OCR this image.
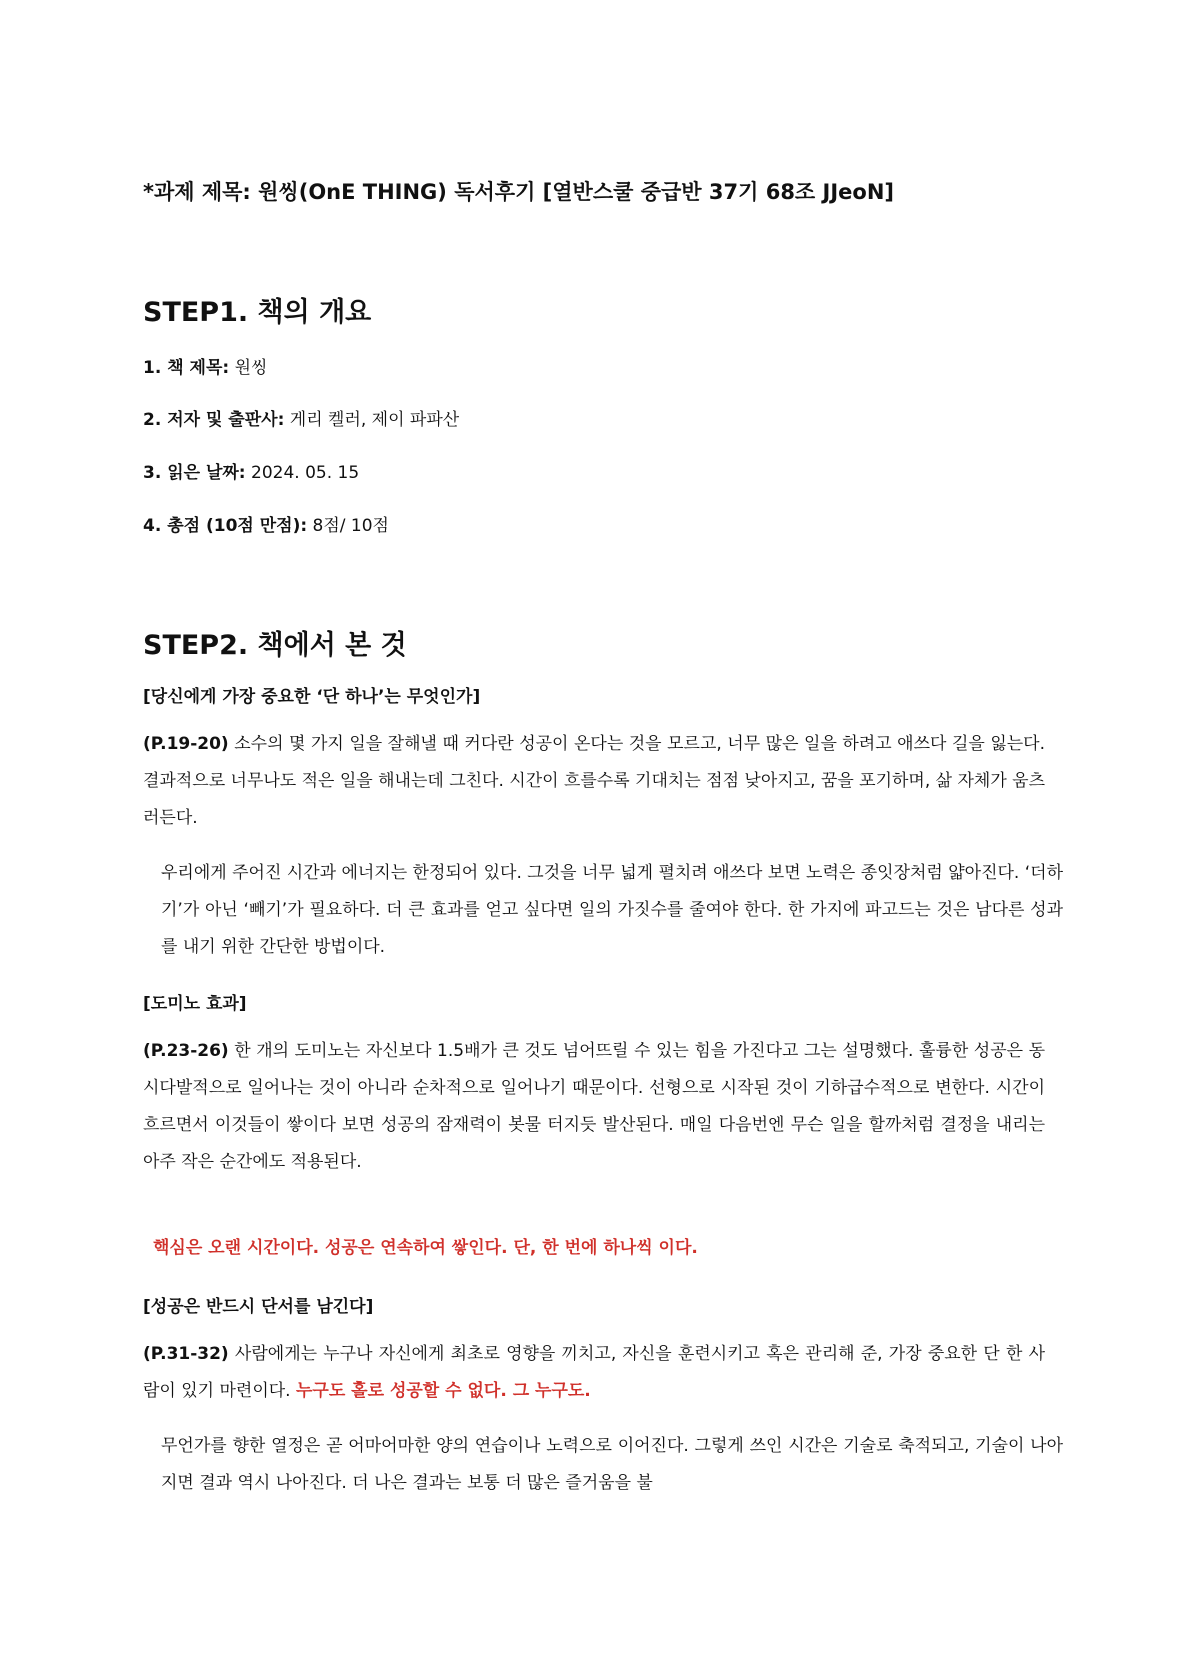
*과제 제목: 원씽(OnE THING) 독서후기 [열반스쿨 중급반 37기 68조 JJeoN]
STEP1. 책의 개요
1. 책 제목: 원씽
2. 저자 및 출판사: 게리 켈러, 제이 파파산
3. 읽은 날짜: 2024. 05. 15
4. 총점 (10점 만점): 8점/ 10점
STEP2. 책에서 본 것
[당신에게 가장 중요한 ‘단 하나’는 무엇인가]
(P.19-20) 소수의 몇 가지 일을 잘해낼 때 커다란 성공이 온다는 것을 모르고, 너무 많은 일을 하려고 애쓰다 길을 잃는다. 결과적으로 너무나도 적은 일을 해내는데 그친다. 시간이 흐를수록 기대치는 점점 낮아지고, 꿈을 포기하며, 삶 자체가 움츠러든다.
우리에게 주어진 시간과 에너지는 한정되어 있다. 그것을 너무 넓게 펼치려 애쓰다 보면 노력은 종잇장처럼 얇아진다. ‘더하기’가 아닌 ‘빼기’가 필요하다. 더 큰 효과를 얻고 싶다면 일의 가짓수를 줄여야 한다. 한 가지에 파고드는 것은 남다른 성과를 내기 위한 간단한 방법이다.
[도미노 효과]
(P.23-26) 한 개의 도미노는 자신보다 1.5배가 큰 것도 넘어뜨릴 수 있는 힘을 가진다고 그는 설명했다. 훌륭한 성공은 동시다발적으로 일어나는 것이 아니라 순차적으로 일어나기 때문이다. 선형으로 시작된 것이 기하급수적으로 변한다. 시간이 흐르면서 이것들이 쌓이다 보면 성공의 잠재력이 봇물 터지듯 발산된다. 매일 다음번엔 무슨 일을 할까처럼 결정을 내리는 아주 작은 순간에도 적용된다.
핵심은 오랜 시간이다. 성공은 연속하여 쌓인다. 단, 한 번에 하나씩 이다.
[성공은 반드시 단서를 남긴다]
(P.31-32) 사람에게는 누구나 자신에게 최초로 영향을 끼치고, 자신을 훈련시키고 혹은 관리해 준, 가장 중요한 단 한 사람이 있기 마련이다. 누구도 홀로 성공할 수 없다. 그 누구도.
무언가를 향한 열정은 곧 어마어마한 양의 연습이나 노력으로 이어진다. 그렇게 쓰인 시간은 기술로 축적되고, 기술이 나아지면 결과 역시 나아진다. 더 나은 결과는 보통 더 많은 즐거움을 불
